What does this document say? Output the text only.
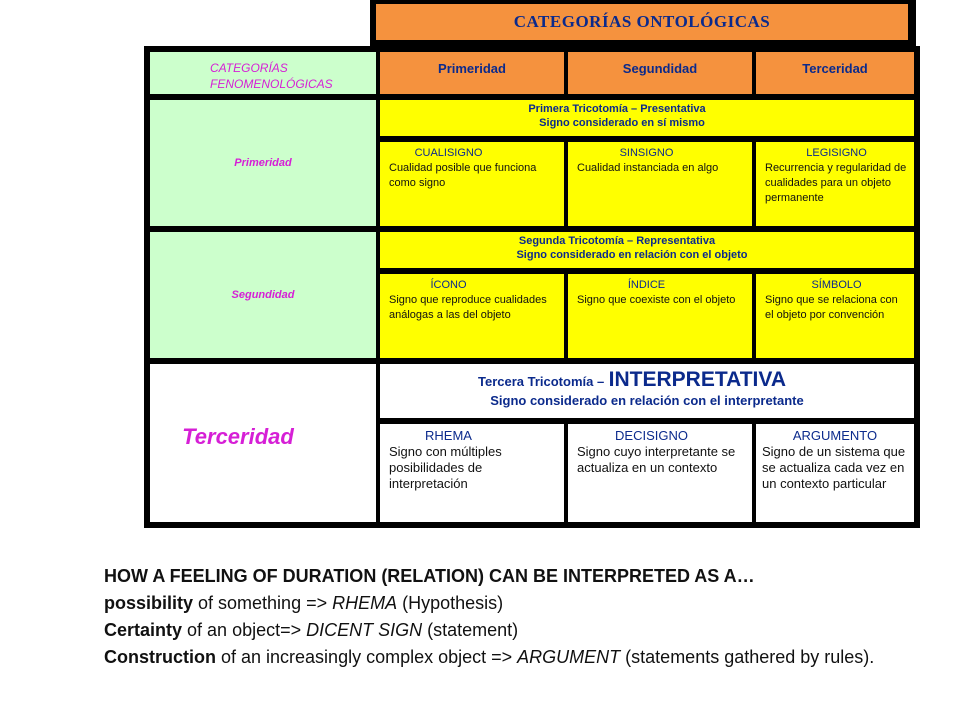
CATEGORÍAS ONTOLÓGICAS
CATEGORÍAS FENOMENOLÓGICAS
Primeridad	Segundidad	Terceridad
Primeridad
Primera Tricotomía – Presentativa
Signo considerado en sí mismo
CUALISIGNO
Cualidad posible que funciona como signo
SINSIGNO
Cualidad instanciada en algo
LEGISIGNO
Recurrencia y regularidad de cualidades para un objeto permanente
Segundidad
Segunda Tricotomía – Representativa
Signo considerado en relación con el objeto
ÍCONO
Signo que reproduce cualidades análogas a las del objeto
ÍNDICE
Signo que coexiste con el objeto
SÍMBOLO
Signo que se relaciona con el objeto por convención
Terceridad
Tercera Tricotomía – INTERPRETATIVA
Signo considerado en relación con el interpretante
RHEMA
Signo con múltiples posibilidades de interpretación
DECISIGNO
Signo cuyo interpretante se actualiza en un contexto
ARGUMENTO
Signo de un sistema que se actualiza cada vez en un contexto particular
HOW A FEELING OF DURATION (RELATION) CAN BE INTERPRETED AS A…
possibility of something => RHEMA (Hypothesis)
Certainty of an object=> DICENT SIGN (statement)
Construction of an increasingly complex object => ARGUMENT (statements gathered by rules).
